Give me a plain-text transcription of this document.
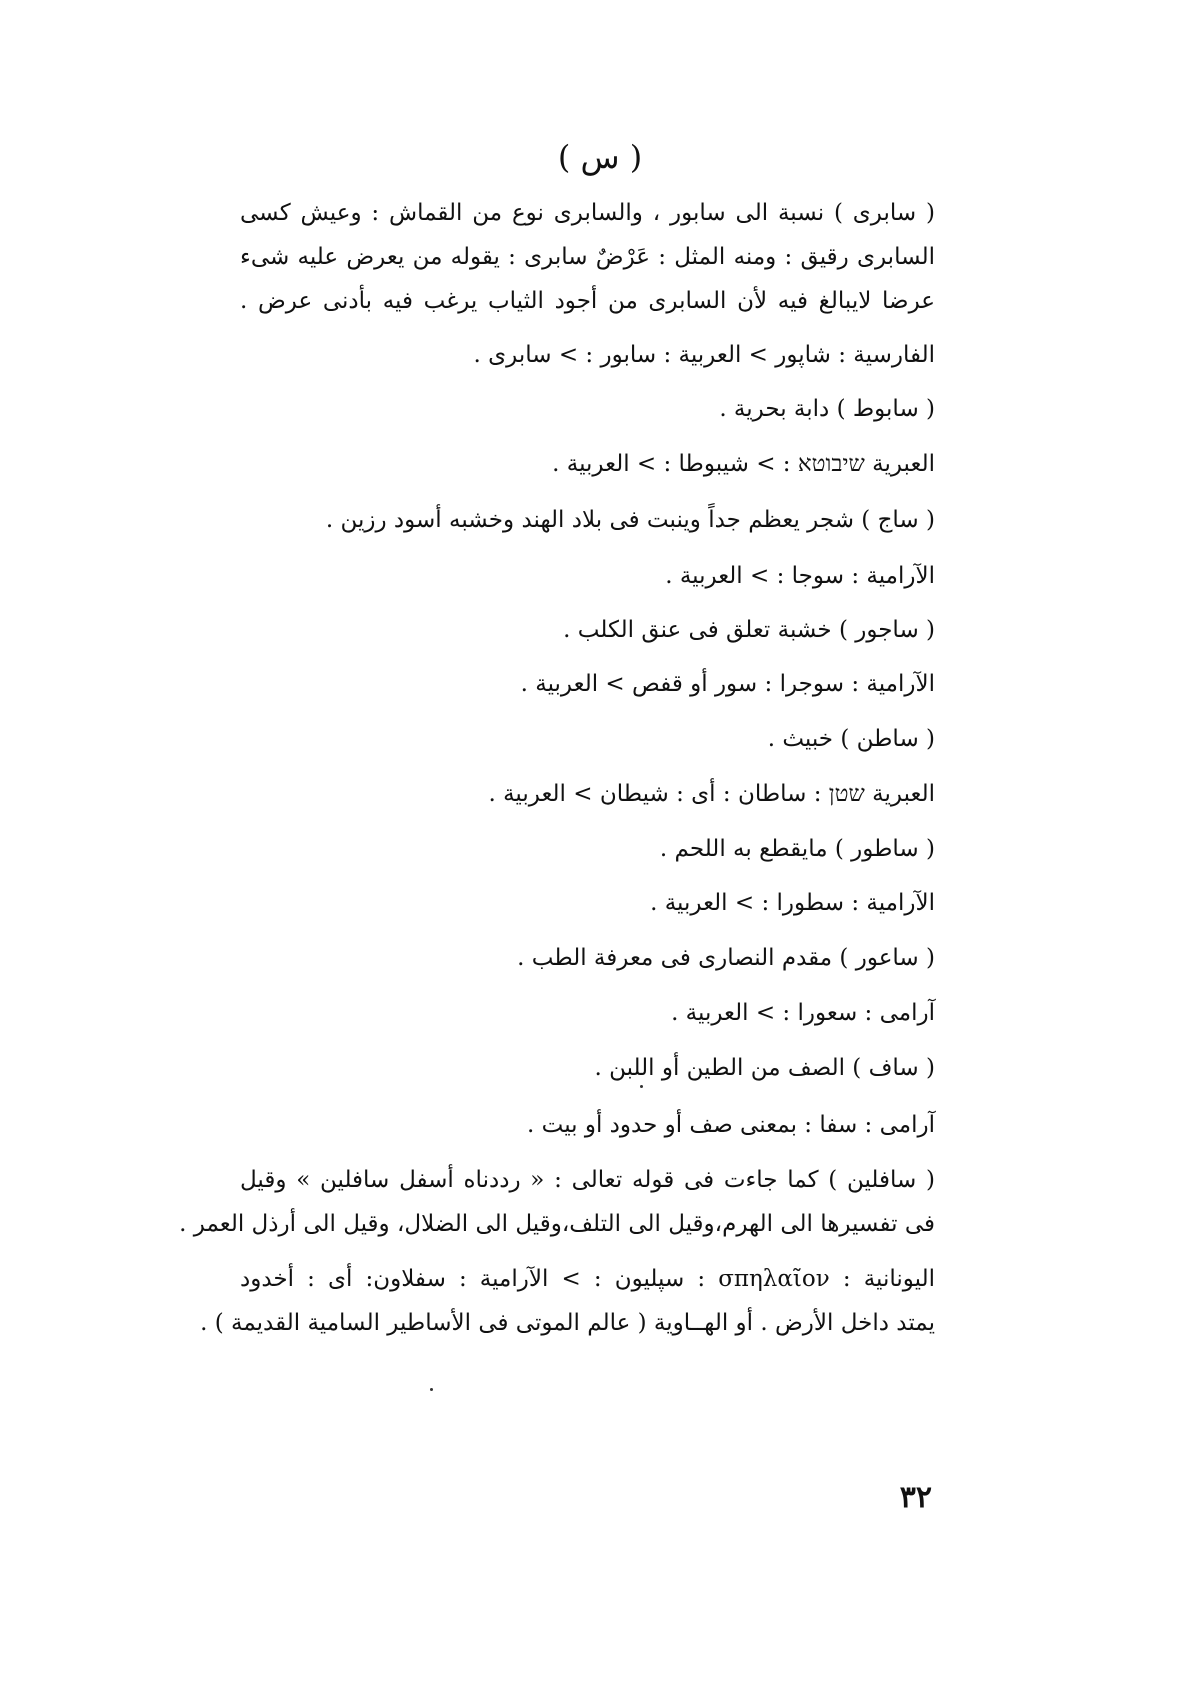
( س )
( سابرى ) نسبة الى سابور ، والسابرى نوع من القماش : وعيش كسى
السابرى رقيق : ومنه المثل : عَرْضٌ سابرى : يقوله من يعرض عليه شىء
عرضا لايبالغ فيه لأن السابرى من أجود الثياب يرغب فيه بأدنى عرض .
الفارسية : شاپور > العربية : سابور : > سابرى .
( سابوط ) دابة بحرية .
العبرية שיבוטא : > شيبوطا : > العربية .
( ساج ) شجر يعظم جداً وينبت فى بلاد الهند وخشبه أسود رزين .
الآرامية : سوجا : > العربية .
( ساجور ) خشبة تعلق فى عنق الكلب .
الآرامية : سوجرا : سور أو قفص > العربية .
( ساطن ) خبيث .
العبرية שטן : ساطان : أى : شيطان > العربية .
( ساطور ) مايقطع به اللحم .
الآرامية : سطورا : > العربية .
( ساعور ) مقدم النصارى فى معرفة الطب .
آرامى : سعورا : > العربية .
( ساف ) الصف من الطين أو اللبن .
آرامى : سفا : بمعنى صف أو حدود أو بيت .
( سافلين ) كما جاءت فى قوله تعالى : « رددناه أسفل سافلين » وقيل
فى تفسيرها الى الهرم،وقيل الى التلف،وقيل الى الضلال، وقيل الى أرذل العمر .
اليونانية : σπηλαῖον : سپليون : > الآرامية : سفلاون: أى : أخدود
يمتد داخل الأرض . أو الهــاوية ( عالم الموتى فى الأساطير السامية القديمة ) .
٣٢
